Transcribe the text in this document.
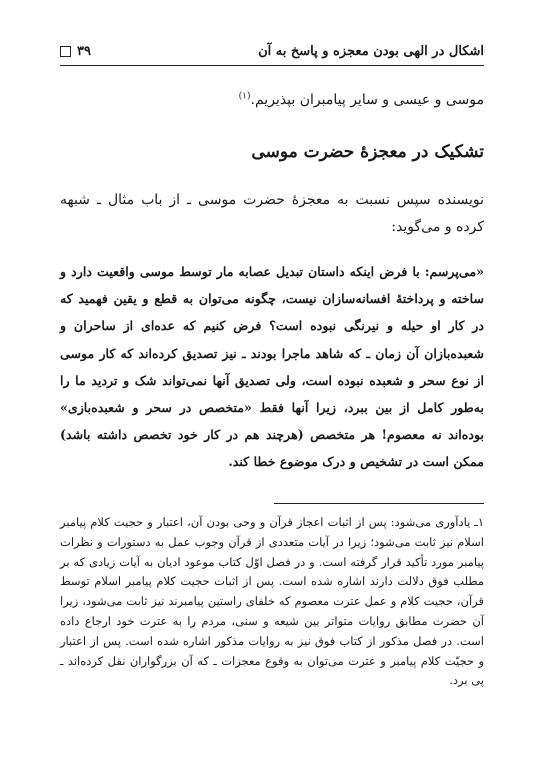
اشکال در الهی بودن معجزه و پاسخ به آن
۳۹
موسی و عیسی و سایر پیامبران بپذیریم.$^{(۱)}$
تشکیک در معجزهٔ حضرت موسی
نویسنده سپس نسبت به معجزهٔ حضرت موسی ـ از باب مثال ـ شبهه کرده و می‌گوید:
«می‌پرسم: با فرض اینکه داستان تبدیل عصابه مار توسط موسی واقعیت دارد و ساخته و پرداختهٔ افسانه‌سازان نیست، چگونه می‌توان به قطع و یقین فهمید که در کار او حیله و نیرنگی نبوده است؟ فرض کنیم که عده‌ای از ساحران و شعبده‌بازان آن زمان ـ که شاهد ماجرا بودند ـ نیز تصدیق کرده‌اند که کار موسی از نوع سحر و شعبده نبوده است، ولی تصدیق آنها نمی‌تواند شک و تردید ما را به‌طور کامل از بین ببرد، زیرا آنها فقط «متخصص در سحر و شعبده‌بازی» بوده‌اند نه معصوم! هر متخصص (هرچند هم در کار خود تخصص داشته باشد) ممکن است در تشخیص و درک موضوع خطا کند.
۱ـ یادآوری می‌شود: پس از اثبات اعجاز قرآن و وحی بودن آن، اعتبار و حجیت کلام پیامبر اسلام نیز ثابت می‌شود؛ زیرا در آیات متعددی از قرآن وجوب عمل به دستورات و نظرات پیامبر مورد تأکید قرار گرفته است. و در فصل اوّل کتاب موعود ادیان به آیات زیادی که بر مطلب فوق دلالت دارند اشاره شده است. پس از اثبات حجیت کلام پیامبر اسلام توسط قرآن، حجیت کلام و عمل عترت معصوم که خلفای راستین پیامبرند نیز ثابت می‌شود، زیرا آن حضرت مطابق روایات متواتر بین شیعه و سنی، مردم را به عترت خود ارجاع داده است. در فصل مذکور از کتاب فوق نیز به روایات مذکور اشاره شده است. پس از اعتبار و حجیّت کلام پیامبر و عترت می‌توان به وقوع معجزات ـ که آن بزرگواران نقل کرده‌اند ـ پی برد.
